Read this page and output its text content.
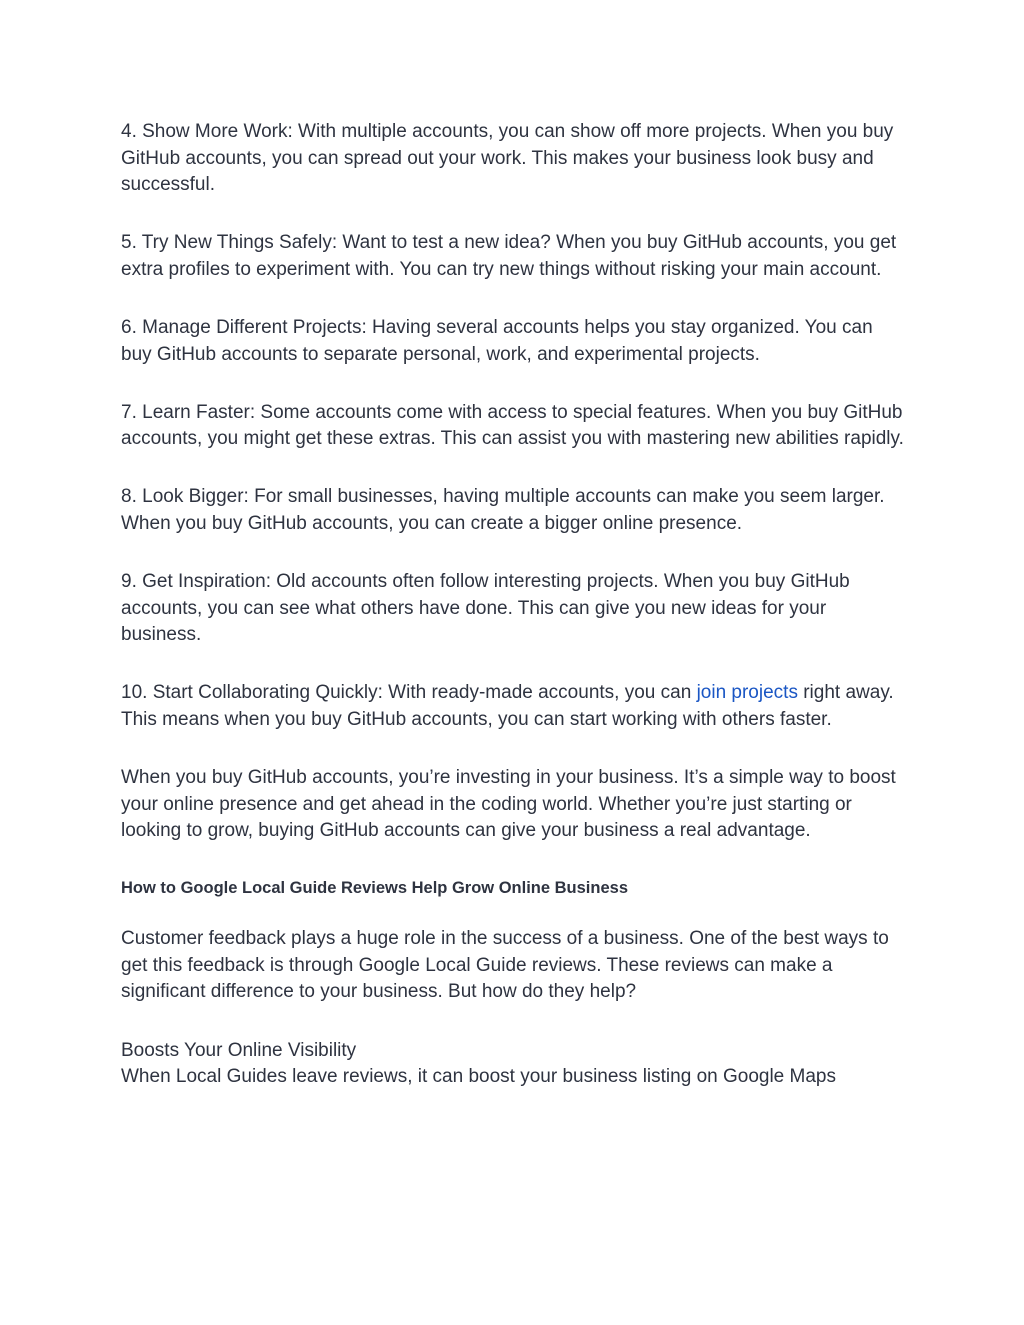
4. Show More Work: With multiple accounts, you can show off more projects. When you buy GitHub accounts, you can spread out your work. This makes your business look busy and successful.

5. Try New Things Safely: Want to test a new idea? When you buy GitHub accounts, you get extra profiles to experiment with. You can try new things without risking your main account.

6. Manage Different Projects: Having several accounts helps you stay organized. You can buy GitHub accounts to separate personal, work, and experimental projects.

7. Learn Faster: Some accounts come with access to special features. When you buy GitHub accounts, you might get these extras. This can assist you with mastering new abilities rapidly.

8. Look Bigger: For small businesses, having multiple accounts can make you seem larger. When you buy GitHub accounts, you can create a bigger online presence.

9. Get Inspiration: Old accounts often follow interesting projects. When you buy GitHub accounts, you can see what others have done. This can give you new ideas for your business.

10. Start Collaborating Quickly: With ready-made accounts, you can join projects right away. This means when you buy GitHub accounts, you can start working with others faster.

When you buy GitHub accounts, you’re investing in your business. It’s a simple way to boost your online presence and get ahead in the coding world. Whether you’re just starting or looking to grow, buying GitHub accounts can give your business a real advantage.

How to Google Local Guide Reviews Help Grow Online Business

Customer feedback plays a huge role in the success of a business. One of the best ways to get this feedback is through Google Local Guide reviews. These reviews can make a significant difference to your business. But how do they help?

Boosts Your Online Visibility

When Local Guides leave reviews, it can boost your business listing on Google Maps
